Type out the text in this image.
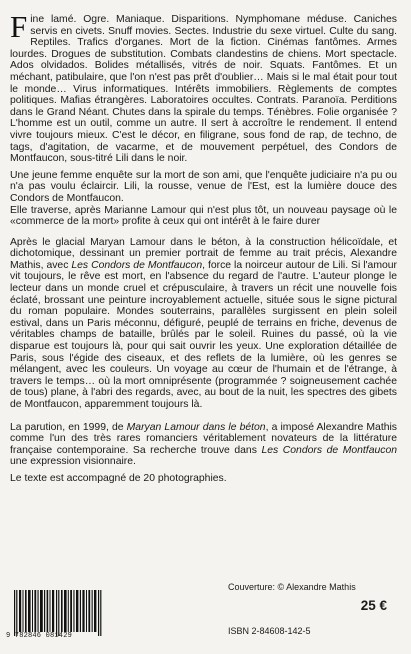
Fine lamé. Ogre. Maniaque. Disparitions. Nymphomane méduse. Caniches servis en civets. Snuff movies. Sectes. Industrie du sexe virtuel. Culte du sang. Reptiles. Trafics d'organes. Mort de la fiction. Cinémas fantômes. Armes lourdes. Drogues de substitution. Combats clandestins de chiens. Mort spectacle. Ados olvidados. Bolides métallisés, vitrés de noir. Squats. Fantômes. Et un méchant, patibulaire, que l'on n'est pas prêt d'oublier… Mais si le mal était pour tout le monde… Virus informatiques. Intérêts immobiliers. Règlements de comptes politiques. Mafias étrangères. Laboratoires occultes. Contrats. Paranoïa. Perditions dans le Grand Néant. Chutes dans la spirale du temps. Ténèbres. Folie organisée ? L'homme est un outil, comme un autre. Il sert à accroître le rendement. Il entend vivre toujours mieux. C'est le décor, en filigrane, sous fond de rap, de techno, de tags, d'agitation, de vacarme, et de mouvement perpétuel, des Condors de Montfaucon, sous-titré Lili dans le noir.

Une jeune femme enquête sur la mort de son ami, que l'enquête judiciaire n'a pu ou n'a pas voulu éclaircir. Lili, la rousse, venue de l'Est, est la lumière douce des Condors de Montfaucon.

Elle traverse, après Marianne Lamour qui n'est plus tôt, un nouveau paysage où le «commerce de la mort» profite à ceux qui ont intérêt à le faire durer

Après le glacial Maryan Lamour dans le béton, à la construction hélicoïdale, et dichotomique, dessinant un premier portrait de femme au trait précis, Alexandre Mathis, avec Les Condors de Montfaucon, force la noirceur autour de Lili. Si l'amour vit toujours, le rêve est mort, en l'absence du regard de l'autre. L'auteur plonge le lecteur dans un monde cruel et crépusculaire, à travers un récit une nouvelle fois éclaté, brossant une peinture incroyablement actuelle, située sous le signe pictural du roman populaire. Mondes souterrains, parallèles surgissent en plein soleil estival, dans un Paris méconnu, défiguré, peuplé de terrains en friche, devenus de véritables champs de bataille, brûlés par le soleil. Ruines du passé, où la vie disparue est toujours là, pour qui sait ouvrir les yeux. Une exploration détaillée de Paris, sous l'égide des ciseaux, et des reflets de la lumière, où les genres se mélangent, avec les couleurs. Un voyage au cœur de l'humain et de l'étrange, à travers le temps… où la mort omniprésente (programmée ? soigneusement cachée de tous) plane, à l'abri des regards, avec, au bout de la nuit, les spectres des gibets de Montfaucon, apparemment toujours là.

La parution, en 1999, de Maryan Lamour dans le béton, a imposé Alexandre Mathis comme l'un des très rares romanciers véritablement novateurs de la littérature française contemporaine. Sa recherche trouve dans Les Condors de Montfaucon une expression visionnaire.

Le texte est accompagné de 20 photographies.

9 782846 081429
Couverture: © Alexandre Mathis
25 €
ISBN 2-84608-142-5
